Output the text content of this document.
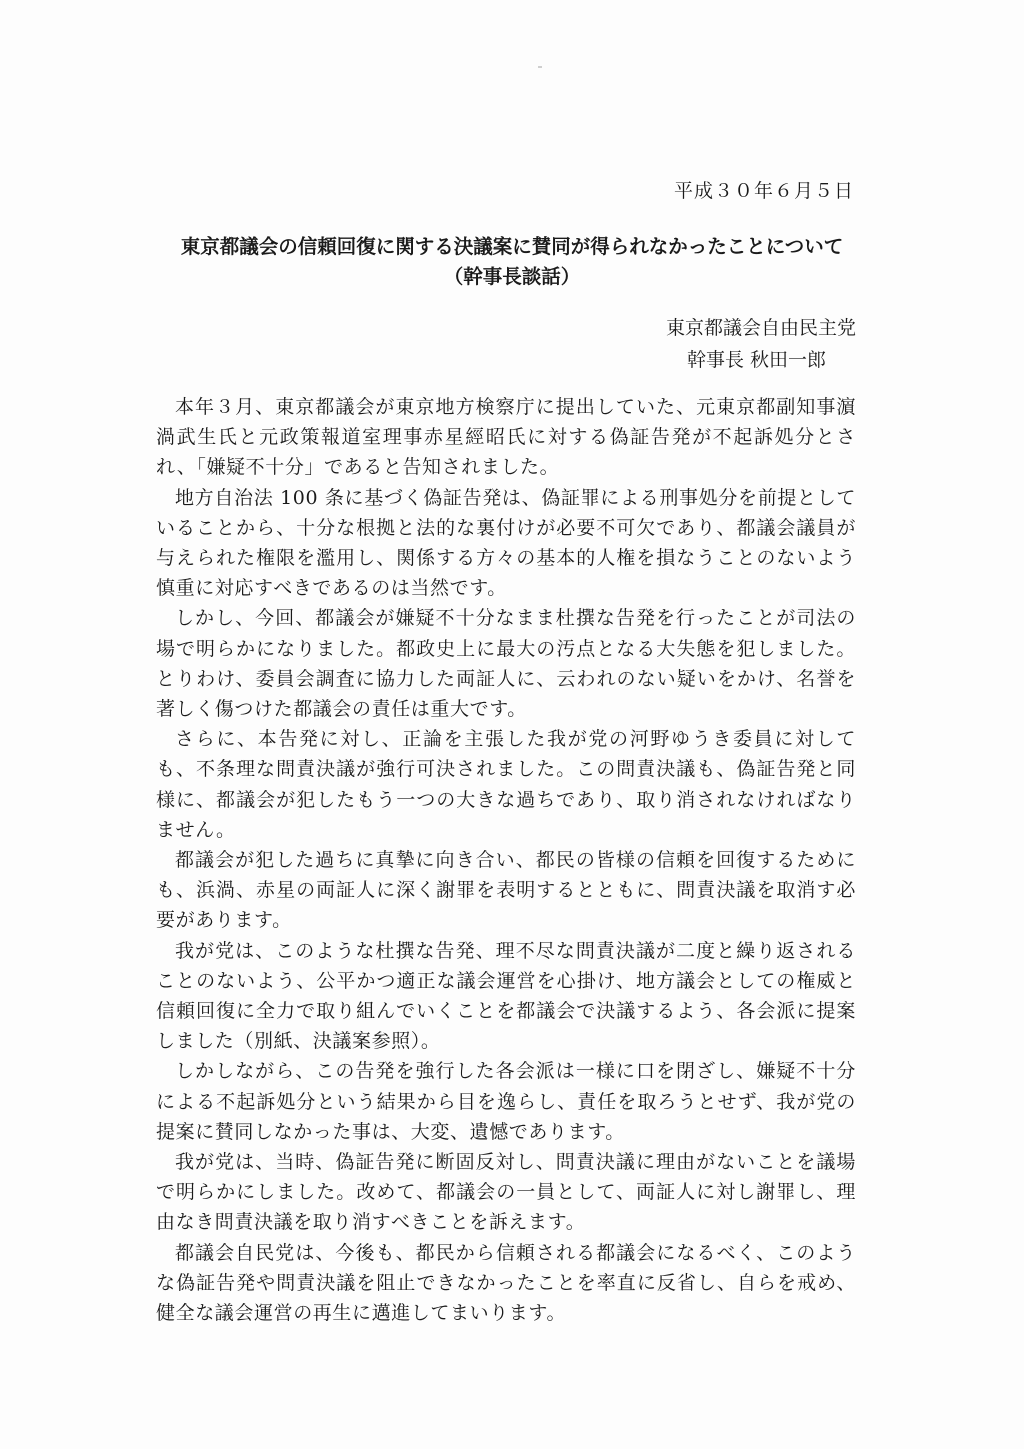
平成３０年６月５日
東京都議会の信頼回復に関する決議案に賛同が得られなかったことについて
（幹事長談話）
東京都議会自由民主党
幹事長 秋田一郎

本年３月、東京都議会が東京地方検察庁に提出していた、元東京都副知事濵渦武生氏と元政策報道室理事赤星經昭氏に対する偽証告発が不起訴処分とされ、「嫌疑不十分」であると告知されました。

地方自治法 100 条に基づく偽証告発は、偽証罪による刑事処分を前提としていることから、十分な根拠と法的な裏付けが必要不可欠であり、都議会議員が与えられた権限を濫用し、関係する方々の基本的人権を損なうことのないよう慎重に対応すべきであるのは当然です。

しかし、今回、都議会が嫌疑不十分なまま杜撰な告発を行ったことが司法の場で明らかになりました。都政史上に最大の汚点となる大失態を犯しました。とりわけ、委員会調査に協力した両証人に、云われのない疑いをかけ、名誉を著しく傷つけた都議会の責任は重大です。

さらに、本告発に対し、正論を主張した我が党の河野ゆうき委員に対しても、不条理な問責決議が強行可決されました。この問責決議も、偽証告発と同様に、都議会が犯したもう一つの大きな過ちであり、取り消されなければなりません。

都議会が犯した過ちに真摯に向き合い、都民の皆様の信頼を回復するためにも、浜渦、赤星の両証人に深く謝罪を表明するとともに、問責決議を取消す必要があります。

我が党は、このような杜撰な告発、理不尽な問責決議が二度と繰り返されることのないよう、公平かつ適正な議会運営を心掛け、地方議会としての権威と信頼回復に全力で取り組んでいくことを都議会で決議するよう、各会派に提案しました（別紙、決議案参照）。

しかしながら、この告発を強行した各会派は一様に口を閉ざし、嫌疑不十分による不起訴処分という結果から目を逸らし、責任を取ろうとせず、我が党の提案に賛同しなかった事は、大変、遺憾であります。

我が党は、当時、偽証告発に断固反対し、問責決議に理由がないことを議場で明らかにしました。改めて、都議会の一員として、両証人に対し謝罪し、理由なき問責決議を取り消すべきことを訴えます。

都議会自民党は、今後も、都民から信頼される都議会になるべく、このような偽証告発や問責決議を阻止できなかったことを率直に反省し、自らを戒め、健全な議会運営の再生に邁進してまいります。
